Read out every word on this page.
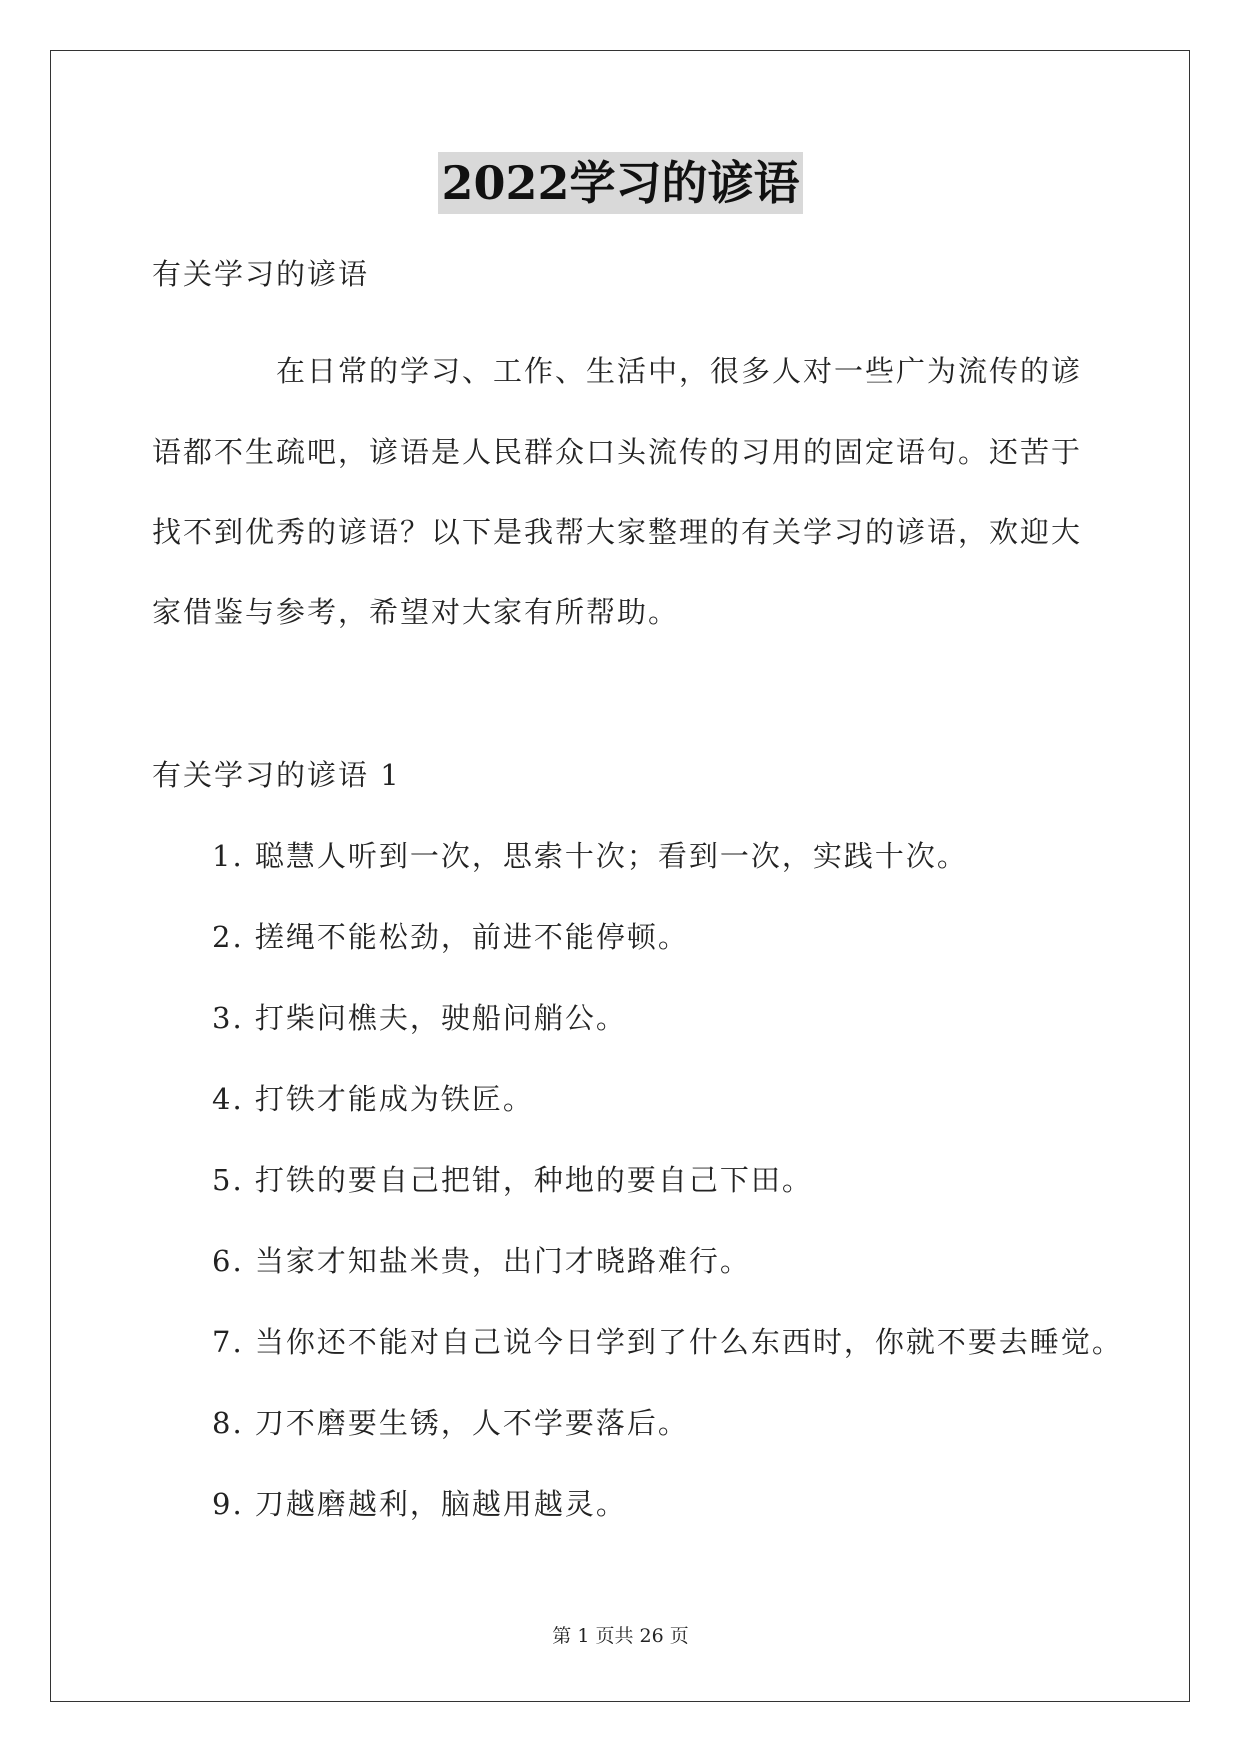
2022学习的谚语
有关学习的谚语
在日常的学习、工作、生活中，很多人对一些广为流传的谚
语都不生疏吧，谚语是人民群众口头流传的习用的固定语句。还苦于
找不到优秀的谚语？以下是我帮大家整理的有关学习的谚语，欢迎大
家借鉴与参考，希望对大家有所帮助。
有关学习的谚语 1
1. 聪慧人听到一次，思索十次；看到一次，实践十次。
2. 搓绳不能松劲，前进不能停顿。
3. 打柴问樵夫，驶船问艄公。
4. 打铁才能成为铁匠。
5. 打铁的要自己把钳，种地的要自己下田。
6. 当家才知盐米贵，出门才晓路难行。
7. 当你还不能对自己说今日学到了什么东西时，你就不要去睡觉。
8. 刀不磨要生锈，人不学要落后。
9. 刀越磨越利，脑越用越灵。
第 1 页共 26 页
